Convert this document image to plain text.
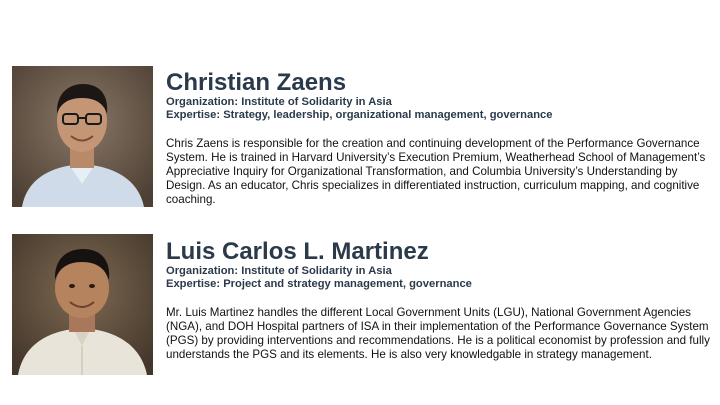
Christian Zaens

Organization: Institute of Solidarity in Asia

Expertise: Strategy, leadership, organizational management, governance

Chris Zaens is responsible for the creation and continuing development of the Performance Governance System. He is trained in Harvard University’s Execution Premium, Weatherhead School of Management’s Appreciative Inquiry for Organizational Transformation, and Columbia University’s Understanding by Design. As an educator, Chris specializes in differentiated instruction, curriculum mapping, and cognitive coaching.

Luis Carlos L. Martinez

Organization: Institute of Solidarity in Asia

Expertise: Project and strategy management, governance

Mr. Luis Martinez handles the different Local Government Units (LGU), National Government Agencies (NGA), and DOH Hospital partners of ISA in their implementation of the Performance Governance System (PGS) by providing interventions and recommendations. He is a political economist by profession and fully understands the PGS and its elements. He is also very knowledgable in strategy management.
